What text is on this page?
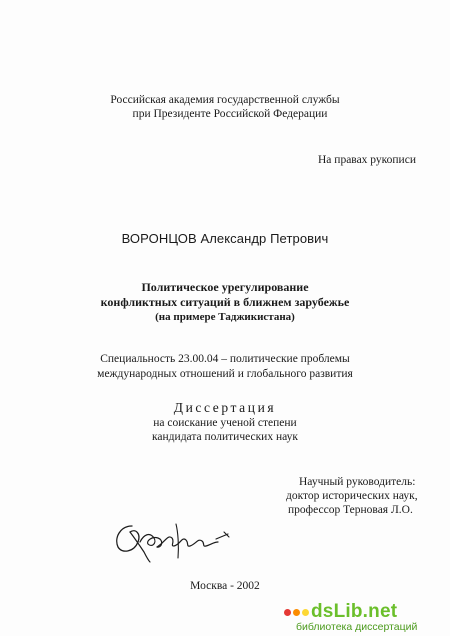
Российская академия государственной службы
при Президенте Российской Федерации
На правах рукописи
ВОРОНЦОВ Александр Петрович
Политическое урегулирование
конфликтных ситуаций в ближнем зарубежье
(на примере Таджикистана)
Специальность 23.00.04 – политические проблемы
международных отношений и глобального развития
Диссертация
на соискание ученой степени
кандидата политических наук
Научный руководитель:
доктор исторических наук,
профессор Терновая Л.О.
Москва - 2002
dsLib.net
библиотека диссертаций
